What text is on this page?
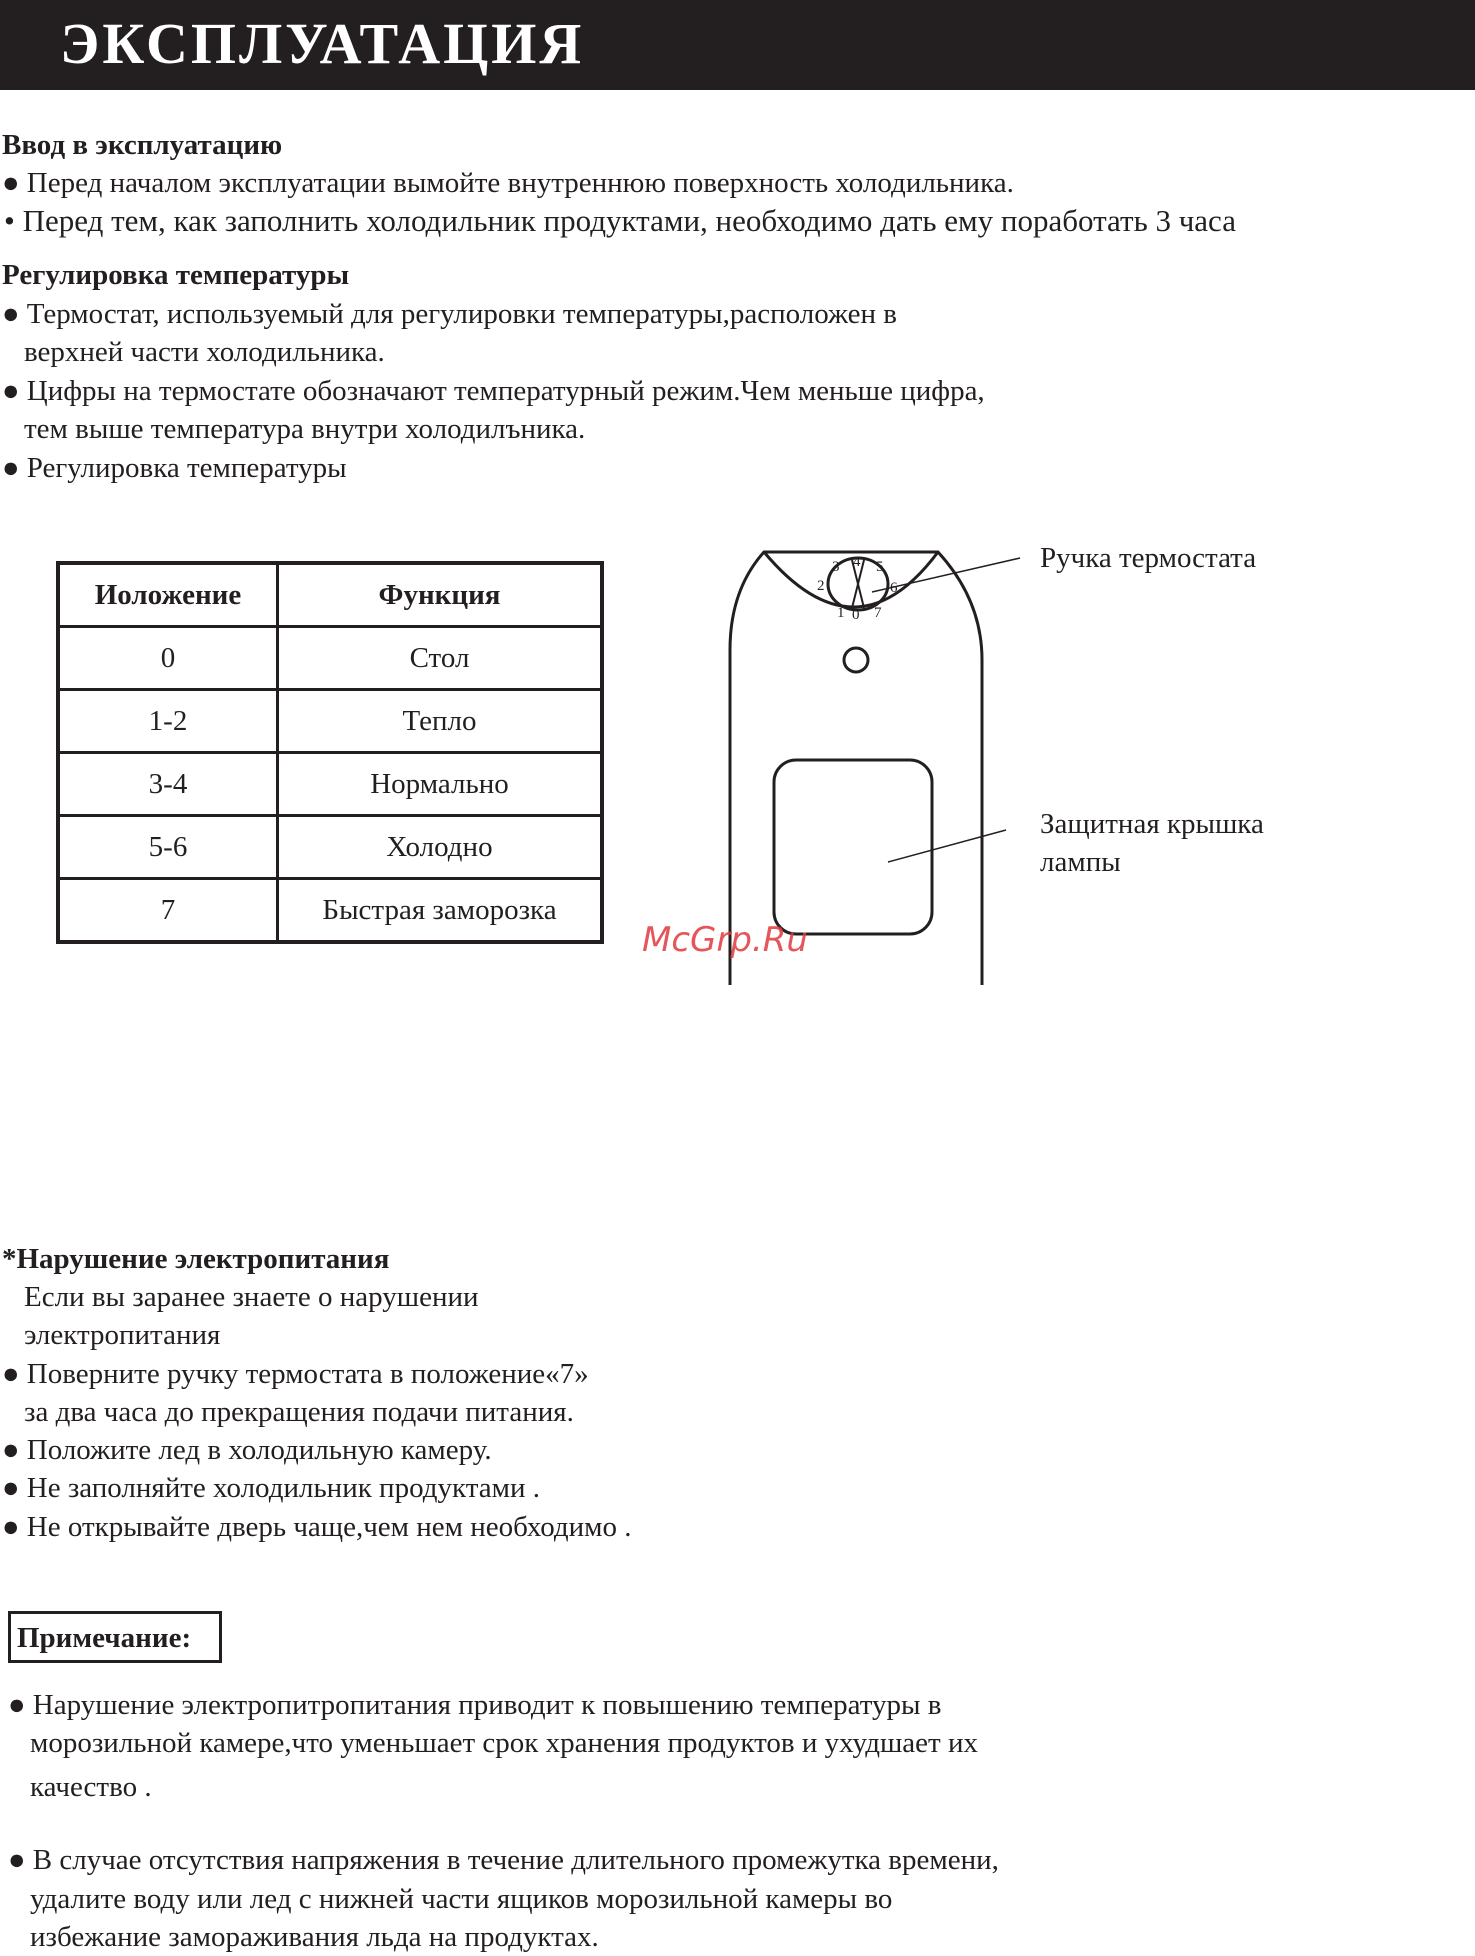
ЭКСПЛУАТАЦИЯ
Ввод в эксплуатацию
● Перед началом эксплуатации вымойте внутреннюю поверхность холодильника.
• Перед тем, как заполнить холодильник продуктами, необходимо дать ему поработать 3 часа
Регулировка температуры
● Термостат, используемый для регулировки температуры,расположен в
верхней части холодильника.
● Цифры на термостате обозначают температурный режим.Чем меньше цифра,
тем выше температура внутри холодилъника.
● Регулировка температуры
Иоложение	Функция
0	Стол
1-2	Тепло
3-4	Нормально
5-6	Холодно
7	Быстрая заморозка
1 0 7
2
3 4 5
6
Ручка термостата
Защитная крышка
лампы
McGrp.Ru
*Нарушение электропитания
Если вы заранее знаете о нарушении
электропитания
● Поверните ручку термостата в положение«7»
за два часа до прекращения подачи питания.
● Положите лед в холодильную камеру.
● Не заполняйте холодильник продуктами .
● Не открывайте дверь чаще,чем нем необходимо .
Примечание:
● Нарушение электропитропитания приводит к повышению температуры в
морозильной камере,что уменьшает срок хранения продуктов и ухудшает их
качество .
● В случае отсутствия напряжения в течение длительного промежутка времени,
удалите воду или лед с нижней части ящиков морозильной камеры во
избежание замораживания льда на продуктах.
